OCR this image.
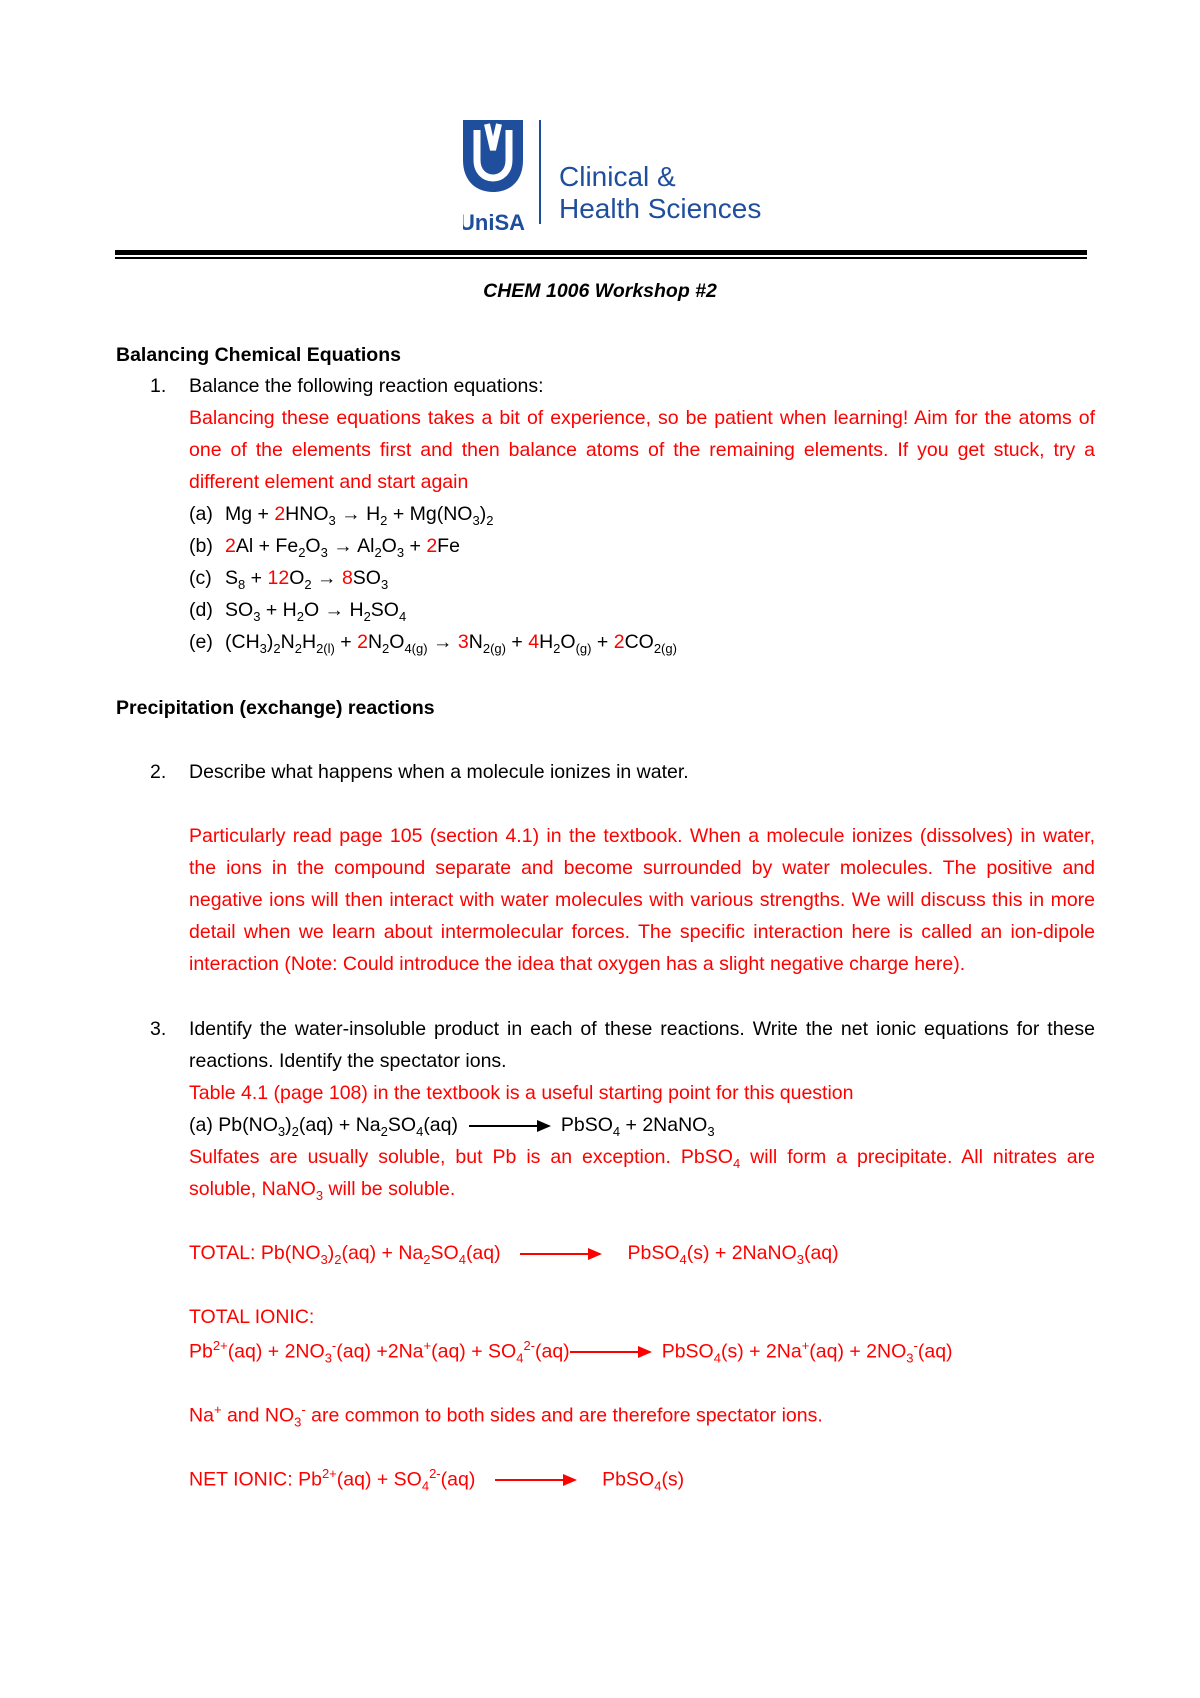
UniSA
Clinical &
Health Sciences
CHEM 1006 Workshop #2
Balancing Chemical Equations
1. Balance the following reaction equations:
Balancing these equations takes a bit of experience, so be patient when learning! Aim for the atoms of
one of the elements first and then balance atoms of the remaining elements. If you get stuck, try a
different element and start again
(a) $Mg + 2HNO_3 \to H_2 + Mg(NO_3)_2$
(b) $2Al + Fe_2O_3 \to Al_2O_3 + 2Fe$
(c) $S_8 + 12O_2 \to 8SO_3$
(d) $SO_3 + H_2O \to H_2SO_4$
(e) $(CH_3)_2N_2H_{2(l)} + 2N_2O_{4(g)} \to 3N_{2(g)} + 4H_2O_{(g)} + 2CO_{2(g)}$
Precipitation (exchange) reactions
2. Describe what happens when a molecule ionizes in water.
Particularly read page 105 (section 4.1) in the textbook. When a molecule ionizes (dissolves) in water,
the ions in the compound separate and become surrounded by water molecules. The positive and
negative ions will then interact with water molecules with various strengths. We will discuss this in more
detail when we learn about intermolecular forces. The specific interaction here is called an ion-dipole
interaction (Note: Could introduce the idea that oxygen has a slight negative charge here).
3. Identify the water-insoluble product in each of these reactions. Write the net ionic equations for these
reactions. Identify the spectator ions.
Table 4.1 (page 108) in the textbook is a useful starting point for this question
(a) $Pb(NO_3)_2(aq) + Na_2SO_4(aq)$	PbSO$_4$ + 2NaNO$_3$
Sulfates are usually soluble, but Pb is an exception. PbSO$_4$ will form a precipitate. All nitrates are
soluble, NaNO$_3$ will be soluble.
TOTAL: $Pb(NO_3)_2(aq) + Na_2SO_4(aq)$	PbSO$_4$(s) + 2NaNO$_3$(aq)
TOTAL IONIC:
$Pb^{2+}(aq) + 2NO_3^-(aq) +2Na^+(aq) + SO_4^{2-}(aq)$	PbSO$_4$(s) + $2Na^+(aq) + 2NO_3^-(aq)$
Na+ and $NO_3^-$ are common to both sides and are therefore spectator ions.
NET IONIC: $Pb^{2+}(aq) + SO_4^{2-}(aq)$	PbSO$_4$(s)
